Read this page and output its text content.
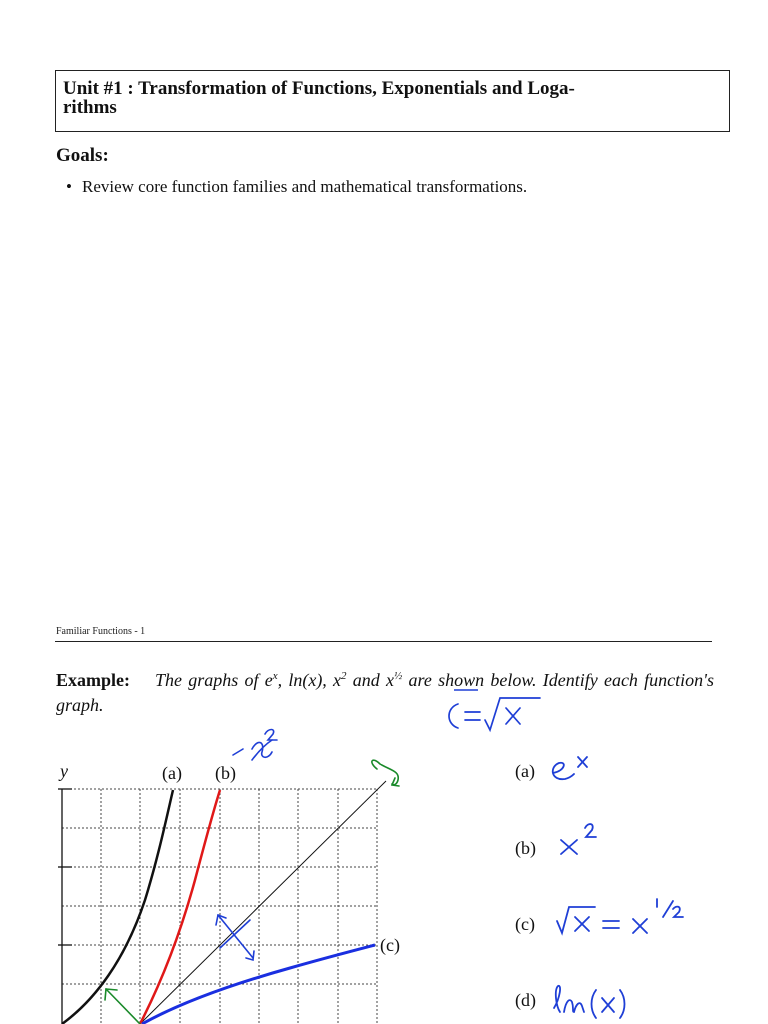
Unit #1 : Transformation of Functions, Exponentials and Loga-
rithms
Goals:
• Review core function families and mathematical transformations.
Familiar Functions - 1
Example: The graphs of $e^x$, ln(x), $x^2$ and $x^{\frac{1}{2}}$ are shown below. Identify each function's graph.
y	(a) (b)
(c)
(a)
(b)
(c)
(d)
